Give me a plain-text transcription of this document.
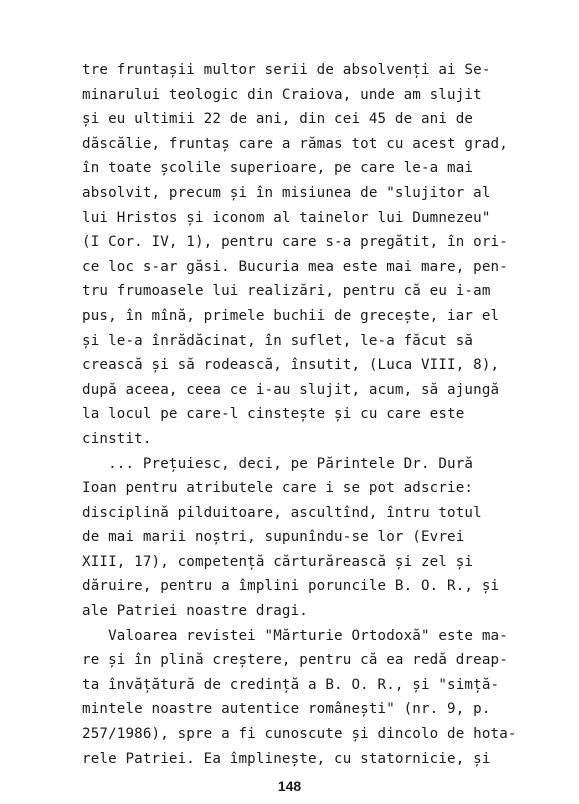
tre fruntașii multor serii de absolvenți ai Se-
minarului teologic din Craiova, unde am slujit
și eu ultimii 22 de ani, din cei 45 de ani de
dăscălie, fruntaș care a rămas tot cu acest grad,
în toate școlile superioare, pe care le-a mai
absolvit, precum și în misiunea de "slujitor al
lui Hristos și iconom al tainelor lui Dumnezeu"
(I Cor. IV, 1), pentru care s-a pregătit, în ori-
ce loc s-ar găsi. Bucuria mea este mai mare, pen-
tru frumoasele lui realizări, pentru că eu i-am
pus, în mînă, primele buchii de grecește, iar el
și le-a înrădăcinat, în suflet, le-a făcut să
crească și să rodească, însutit, (Luca VIII, 8),
după aceea, ceea ce i-au slujit, acum, să ajungă
la locul pe care-l cinstește și cu care este
cinstit.
... Prețuiesc, deci, pe Părintele Dr. Dură
Ioan pentru atributele care i se pot adscrie:
disciplină pilduitoare, ascultînd, întru totul
de mai marii noștri, supunîndu-se lor (Evrei
XIII, 17), competență cărturărească și zel și
dăruire, pentru a împlini poruncile B. O. R., și
ale Patriei noastre dragi.
Valoarea revistei "Mărturie Ortodoxă" este ma-
re și în plină creștere, pentru că ea redă dreap-
ta învățătură de credință a B. O. R., și "simță-
mintele noastre autentice românești" (nr. 9, p.
257/1986), spre a fi cunoscute și dincolo de hota-
rele Patriei. Ea împlinește, cu statornicie, și
148
